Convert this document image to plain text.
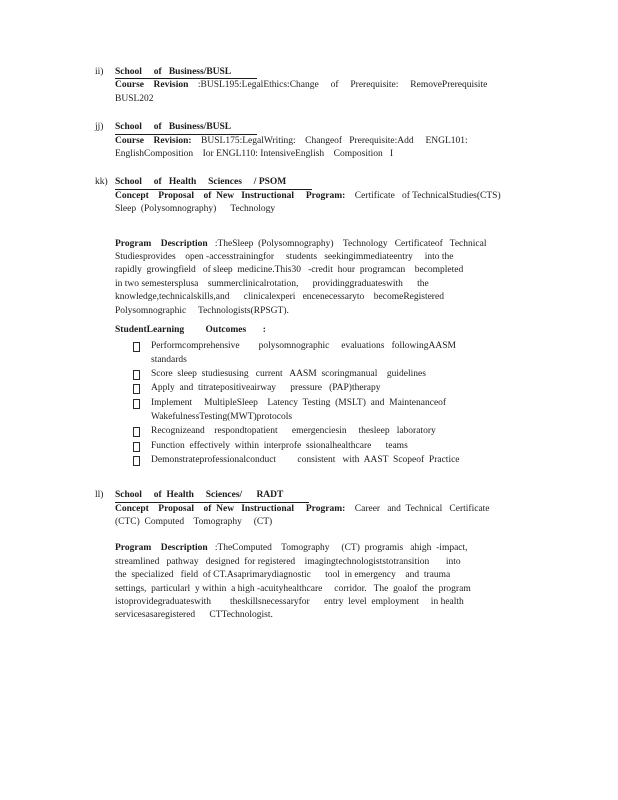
ii)	School     of   Business/BUSL
Course    Revision    :BUSL195:LegalEthics:Change     of     Prerequisite:     RemovePrerequisite
BUSL202
jj)	School     of   Business/BUSL
Course    Revision:    BUSL175:LegalWriting:    Changeof   Prerequisite:Add     ENGL101:
EnglishComposition    Ior ENGL110: IntensiveEnglish    Composition   I
kk) School     of   Health     Sciences     / PSOM
Concept    Proposal    of  New   Instructional     Program:    Certificate   of TechnicalStudies(CTS)
Sleep  (Polysomnography)      Technology
Program    Description   :TheSleep  (Polysomnography)    Technology   Certificateof   Technical
Studiesprovides    open -accesstrainingfor     students   seekingimmediateentry     into the
rapidly  growingfield   of sleep  medicine.This30   -credit  hour  programcan    becompleted
in two semestersplusa    summerclinicalrotation,      providinggraduateswith      the
knowledge,technicalskills,and      clinicalexperi   encenecessaryto    becomeRegistered
Polysomnographic     Technologists(RPSGT).
StudentLearning         Outcomes       :
Performcomprehensive        polysomnographic     evaluations   followingAASM
standards
Score  sleep  studiesusing   current   AASM  scoringmanual    guidelines
Apply  and  titratepositiveairway      pressure   (PAP)therapy
Implement     MultipleSleep    Latency  Testing  (MSLT)  and  Maintenanceof
WakefulnessTesting(MWT)protocols
Recognizeand    respondtopatient      emergenciesin     thesleep   laboratory
Function  effectively  within  interprofe  ssionalhealthcare      teams
Demonstrateprofessionalconduct         consistent   with  AAST  Scopeof  Practice
ll)	School     of  Health     Sciences/      RADT
Concept    Proposal    of  New   Instructional     Program:    Career   and  Technical   Certificate
(CTC)  Computed    Tomography     (CT)
Program    Description   :TheComputed    Tomography     (CT)  programis   ahigh  -impact,
streamlined   pathway   designed  for registered    imagingtechnologiststotransition       into
the  specialized   field  of CT.Asaprimarydiagnostic      tool  in emergency    and  trauma
settings,  particularl  y within  a high -acuityhealthcare     corridor.   The  goalof  the  program
istoprovidegraduateswith        theskillsnecessaryfor      entry  level  employment     in health
servicesasaregistered      CTTechnologist.
